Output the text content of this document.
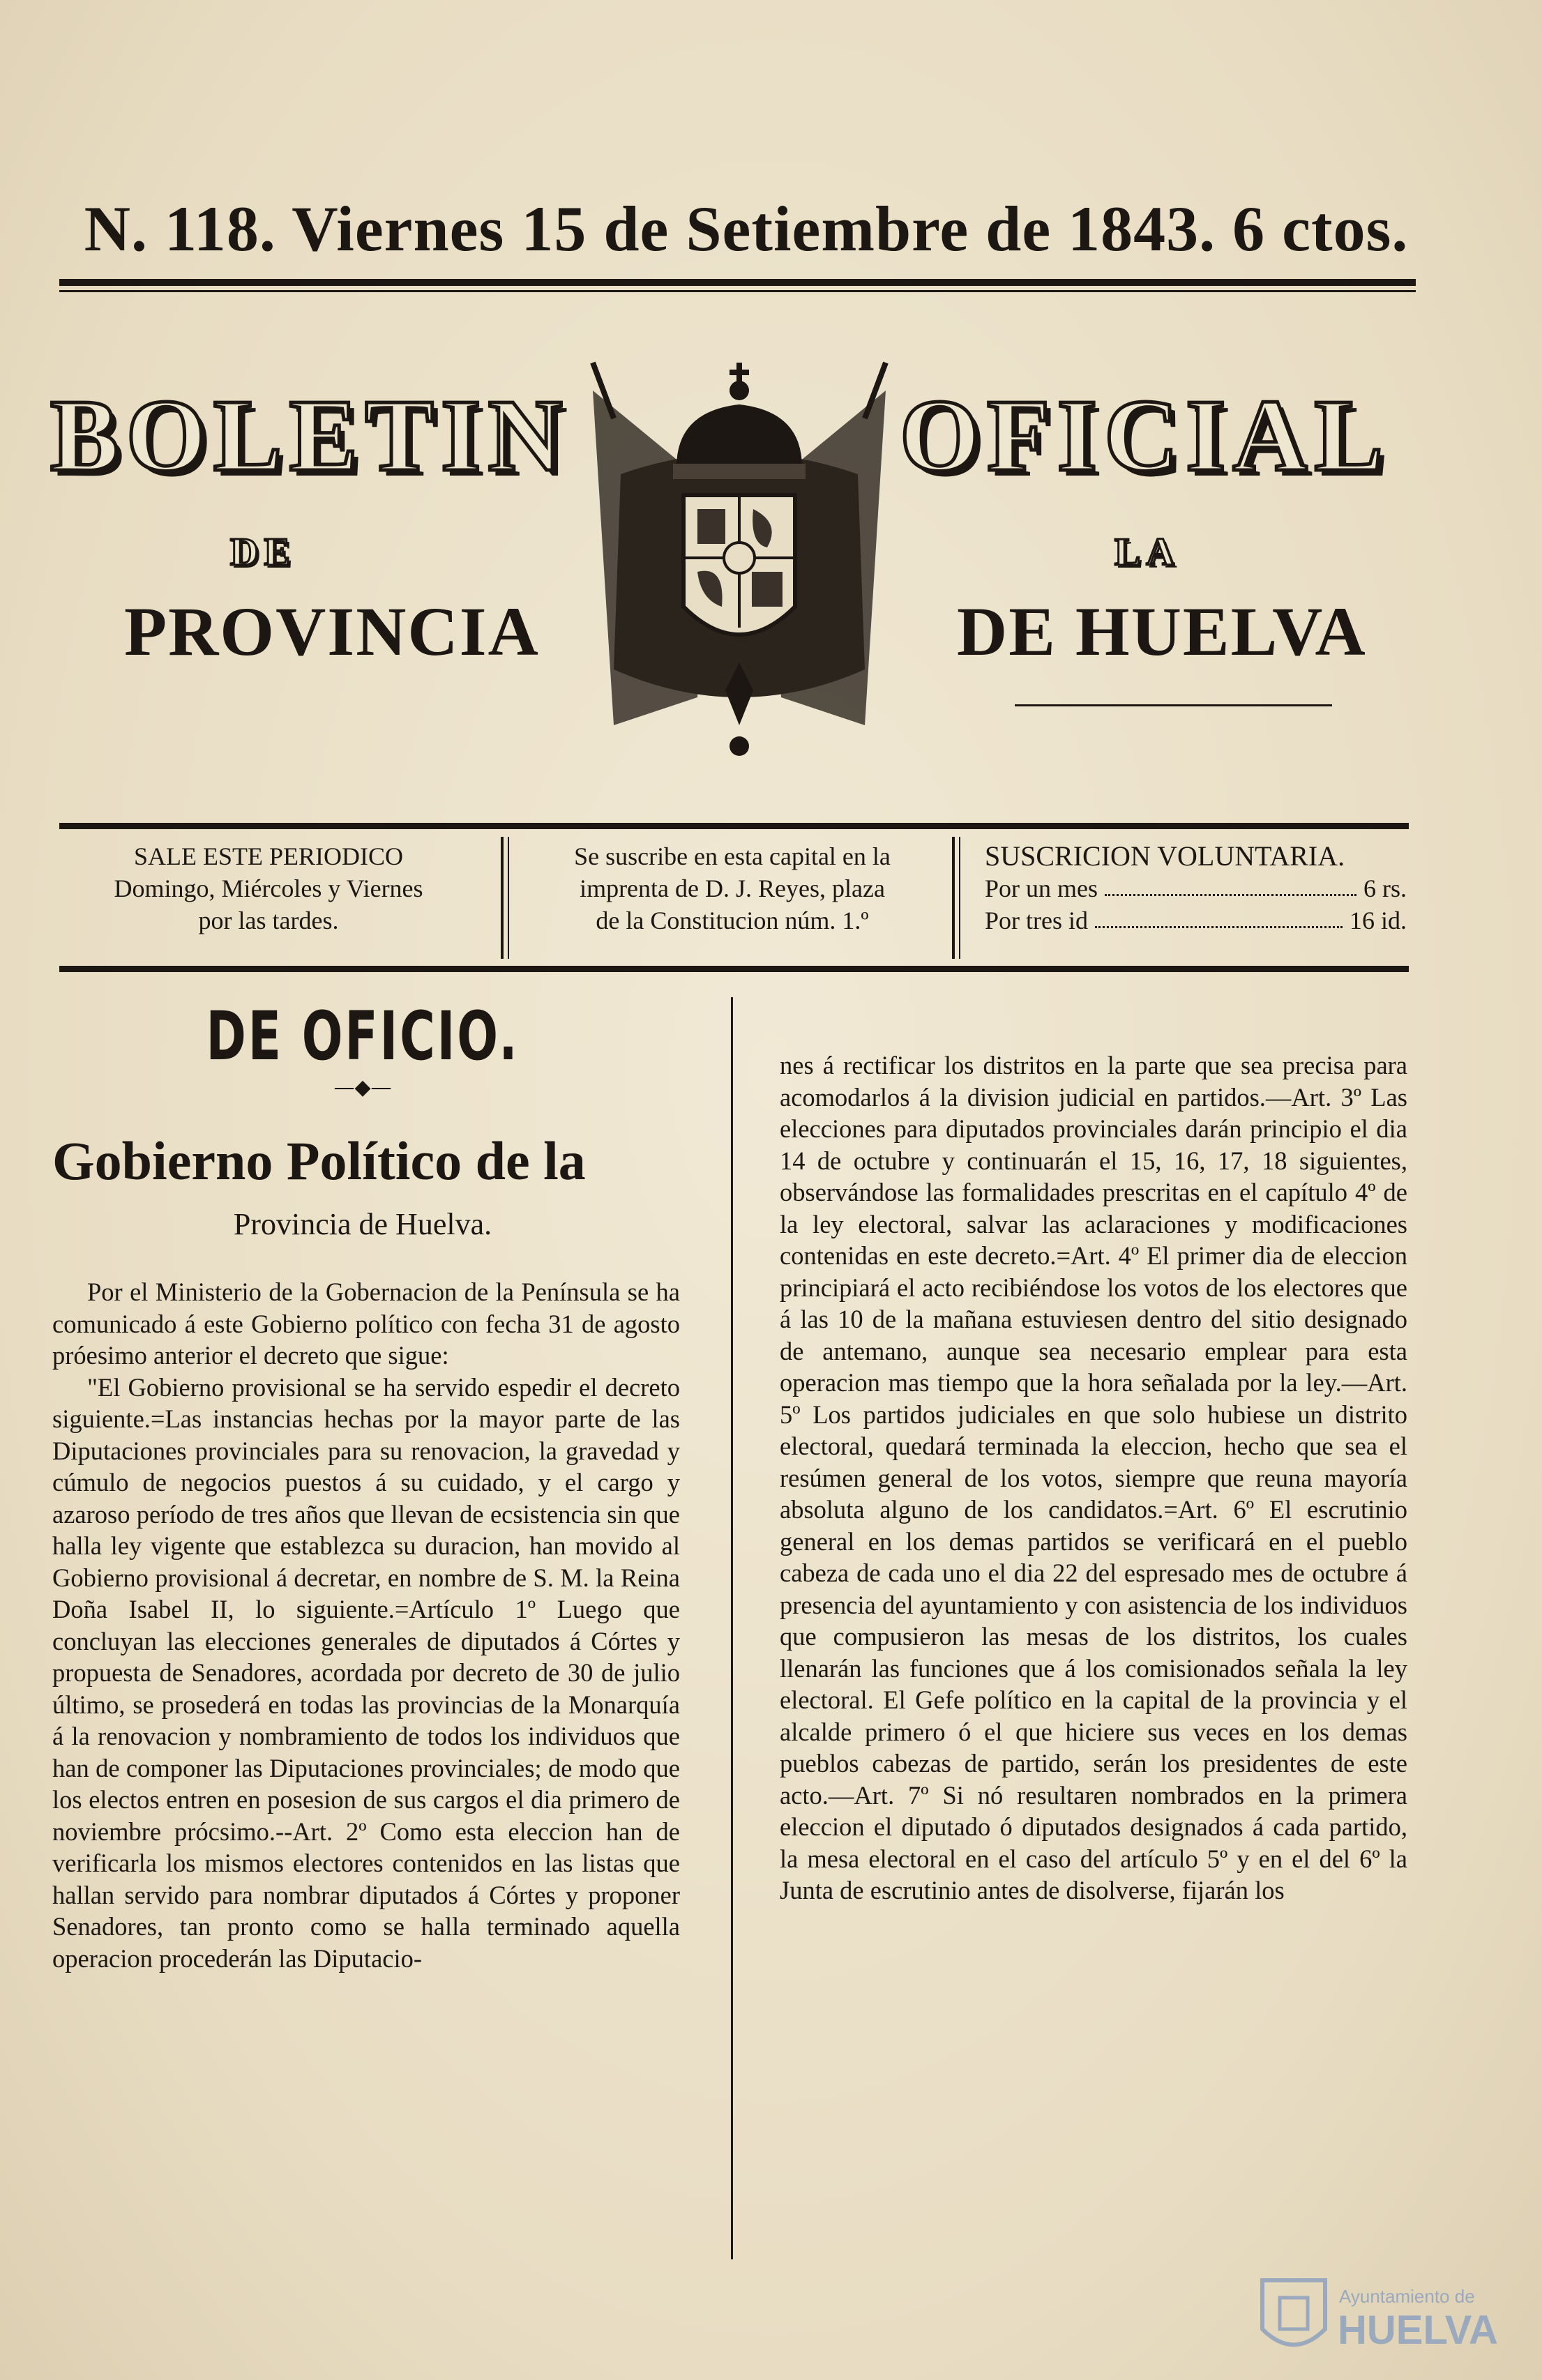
N. 118. Viernes 15 de Setiembre de 1843. 6 ctos.
BOLETIN	OFICIAL
DE	LA
PROVINCIA	DE HUELVA

SALE ESTE PERIODICO

Domingo, Miércoles y Viernes

por las tardes.

Se suscribe en esta capital en la

imprenta de D. J. Reyes, plaza

de la Constitucion núm. 1.º

SUSCRICION VOLUNTARIA.

Por un mes	6 rs.

Por tres id	16 id.

DE OFICIO.
—◆—
Gobierno Político de la
Provincia de Huelva.

Por el Ministerio de la Gobernacion de la Península se ha comunicado á este Gobierno político con fecha 31 de agosto próesimo anterior el decreto que sigue:

"El Gobierno provisional se ha servido espedir el decreto siguiente.=Las instancias hechas por la mayor parte de las Diputaciones provinciales para su renovacion, la gravedad y cúmulo de negocios puestos á su cuidado, y el cargo y azaroso período de tres años que llevan de ecsistencia sin que halla ley vigente que establezca su duracion, han movido al Gobierno provisional á decretar, en nombre de S. M. la Reina Doña Isabel II, lo siguiente.=Artículo 1º Luego que concluyan las elecciones generales de diputados á Córtes y propuesta de Senadores, acordada por decreto de 30 de julio último, se prosederá en todas las provincias de la Monarquía á la renovacion y nombramiento de todos los individuos que han de componer las Diputaciones provinciales; de modo que los electos entren en posesion de sus cargos el dia primero de noviembre prócsimo.--Art. 2º Como esta eleccion han de verificarla los mismos electores contenidos en las listas que hallan servido para nombrar diputados á Córtes y proponer Senadores, tan pronto como se halla terminado aquella operacion procederán las Diputacio-

nes á rectificar los distritos en la parte que sea precisa para acomodarlos á la division judicial en partidos.—Art. 3º Las elecciones para diputados provinciales darán principio el dia 14 de octubre y continuarán el 15, 16, 17, 18 siguientes, observándose las formalidades prescritas en el capítulo 4º de la ley electoral, salvar las aclaraciones y modificaciones contenidas en este decreto.=Art. 4º El primer dia de eleccion principiará el acto recibiéndose los votos de los electores que á las 10 de la mañana estuviesen dentro del sitio designado de antemano, aunque sea necesario emplear para esta operacion mas tiempo que la hora señalada por la ley.—Art. 5º Los partidos judiciales en que solo hubiese un distrito electoral, quedará terminada la eleccion, hecho que sea el resúmen general de los votos, siempre que reuna mayoría absoluta alguno de los candidatos.=Art. 6º El escrutinio general en los demas partidos se verificará en el pueblo cabeza de cada uno el dia 22 del espresado mes de octubre á presencia del ayuntamiento y con asistencia de los individuos que compusieron las mesas de los distritos, los cuales llenarán las funciones que á los comisionados señala la ley electoral. El Gefe político en la capital de la provincia y el alcalde primero ó el que hiciere sus veces en los demas pueblos cabezas de partido, serán los presidentes de este acto.—Art. 7º Si nó resultaren nombrados en la primera eleccion el diputado ó diputados designados á cada partido, la mesa electoral en el caso del artículo 5º y en el del 6º la Junta de escrutinio antes de disolverse, fijarán los

Ayuntamiento de
HUELVA
